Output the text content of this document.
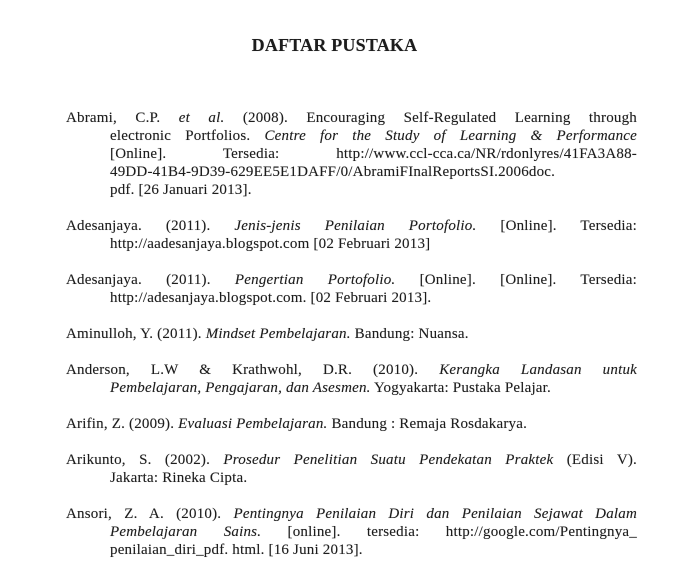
DAFTAR PUSTAKA
Abrami, C.P. et al. (2008). Encouraging Self-Regulated Learning through
electronic Portfolios. Centre for the Study of Learning & Performance
[Online]. Tersedia: http://www.ccl-cca.ca/NR/rdonlyres/41FA3A88-
49DD-41B4-9D39-629EE5E1DAFF/0/AbramiFInalReportsSI.2006doc.
pdf. [26 Januari 2013].
Adesanjaya. (2011). Jenis-jenis Penilaian Portofolio. [Online]. Tersedia:
http://aadesanjaya.blogspot.com [02 Februari 2013]
Adesanjaya. (2011). Pengertian Portofolio. [Online]. [Online]. Tersedia:
http://adesanjaya.blogspot.com. [02 Februari 2013].
Aminulloh, Y. (2011). Mindset Pembelajaran. Bandung: Nuansa.
Anderson, L.W & Krathwohl, D.R. (2010). Kerangka Landasan untuk
Pembelajaran, Pengajaran, dan Asesmen. Yogyakarta: Pustaka Pelajar.
Arifin, Z. (2009). Evaluasi Pembelajaran. Bandung : Remaja Rosdakarya.
Arikunto, S. (2002). Prosedur Penelitian Suatu Pendekatan Praktek (Edisi V).
Jakarta: Rineka Cipta.
Ansori, Z. A. (2010). Pentingnya Penilaian Diri dan Penilaian Sejawat Dalam
Pembelajaran Sains. [online]. tersedia: http://google.com/Pentingnya_
penilaian_diri_pdf. html. [16 Juni 2013].
